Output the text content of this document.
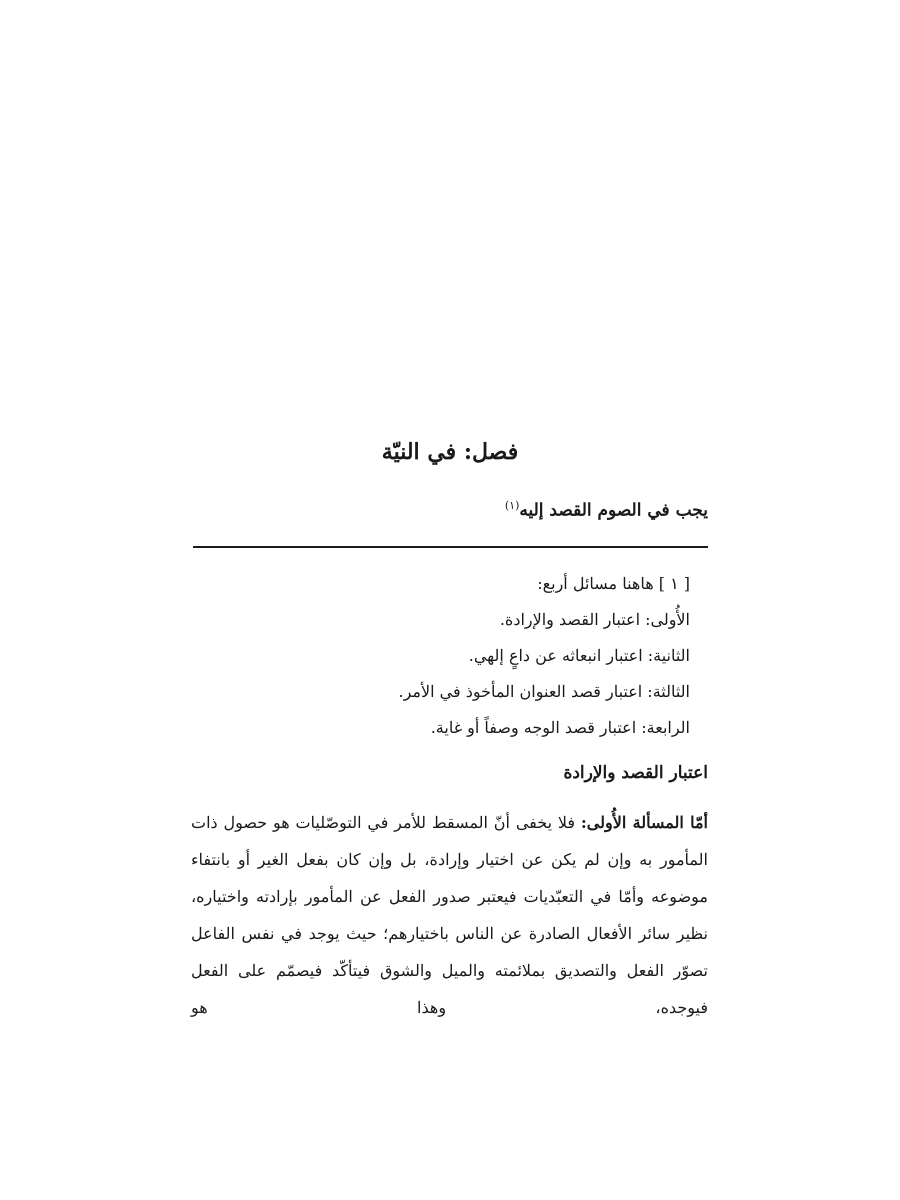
فصل: في النيّة

يجب في الصوم القصد إليه$^{(١)}$

[ ١ ] هاهنا مسائل أربع:
الأُولى: اعتبار القصد والإرادة.
الثانية: اعتبار انبعاثه عن داعٍ إلهي.
الثالثة: اعتبار قصد العنوان المأخوذ في الأمر.
الرابعة: اعتبار قصد الوجه وصفاً أو غاية.
اعتبار القصد والإرادة

أمّا المسألة الأُولى: فلا يخفى أنّ المسقط للأمر في التوصّليات هو حصول ذات المأمور به وإن لم يكن عن اختيار وإرادة، بل وإن كان بفعل الغير أو بانتفاء موضوعه وأمّا في التعبّديات فيعتبر صدور الفعل عن المأمور بإرادته واختياره، نظير سائر الأفعال الصادرة عن الناس باختيارهم؛ حيث يوجد في نفس الفاعل تصوّر الفعل والتصديق بملائمته والميل والشوق فيتأكّد فيصمّم على الفعل فيوجده، وهذا هو
